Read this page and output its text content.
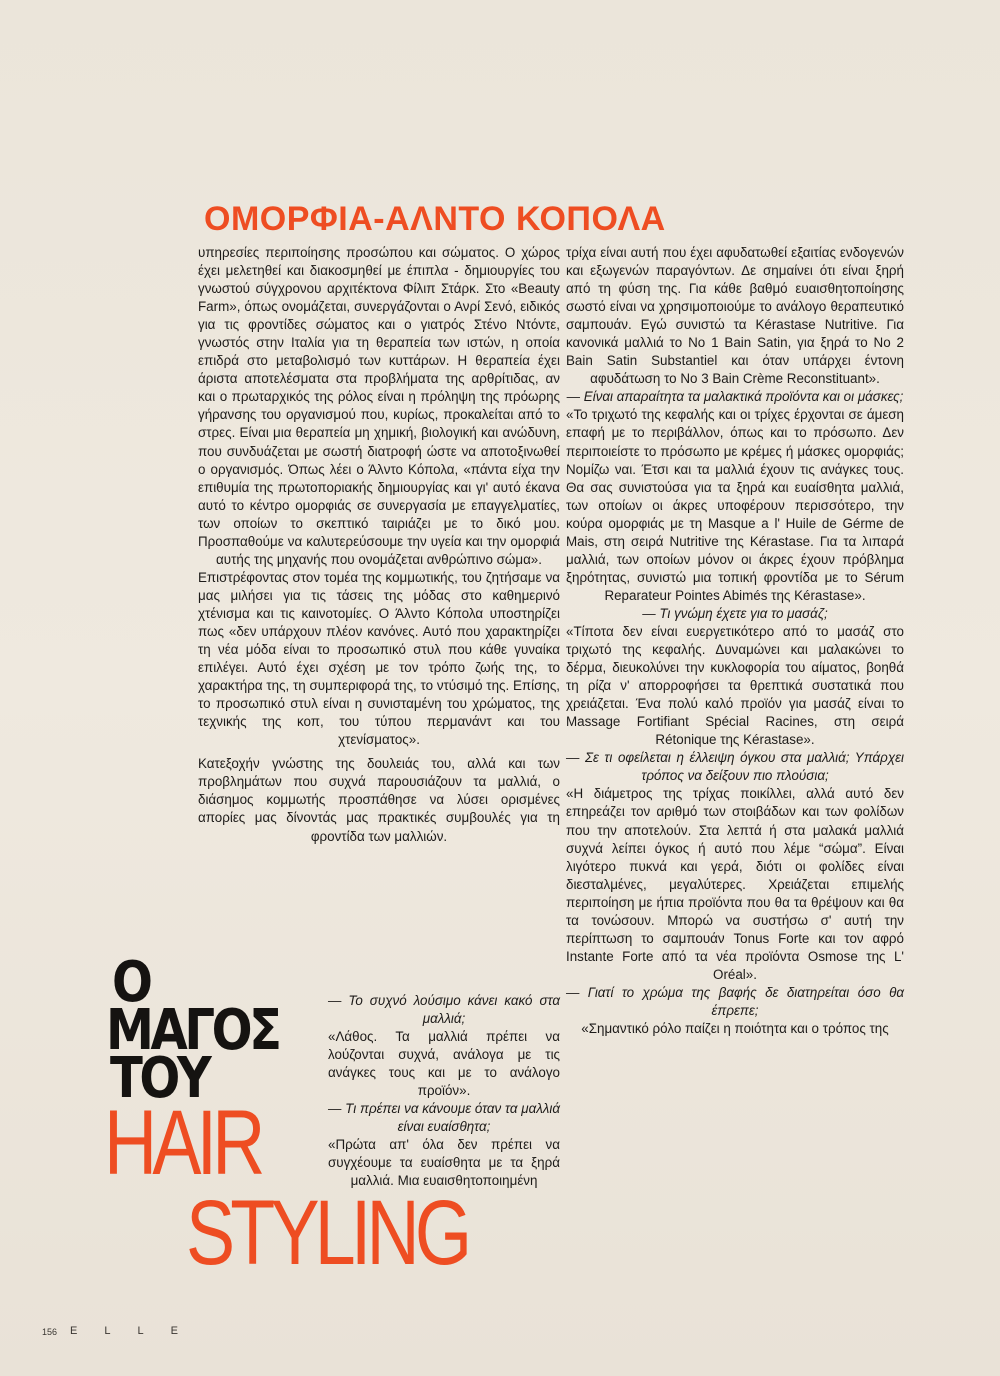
ΟΜΟΡΦΙΑ-ΑΛΝΤΟ ΚΟΠΟΛΑ

υπηρεσίες περιποίησης προσώπου και σώματος. Ο χώρος έχει μελετηθεί και διακοσμηθεί με έπιπλα - δημιουργίες του γνωστού σύγχρονου αρχιτέκτονα Φίλιπ Στάρκ. Στο «Beauty Farm», όπως ονομάζεται, συνεργάζονται ο Ανρί Σενό, ειδικός για τις φροντίδες σώματος και ο γιατρός Στένο Ντόντε, γνωστός στην Ιταλία για τη θεραπεία των ιστών, η οποία επιδρά στο μεταβολισμό των κυττάρων. Η θεραπεία έχει άριστα αποτελέσματα στα προβλήματα της αρθρίτιδας, αν και ο πρωταρχικός της ρόλος είναι η πρόληψη της πρόωρης γήρανσης του οργανισμού που, κυρίως, προκαλείται από το στρες. Είναι μια θεραπεία μη χημική, βιολογική και ανώδυνη, που συνδυάζεται με σωστή διατροφή ώστε να αποτοξινωθεί ο οργανισμός. Όπως λέει ο Άλντο Κόπολα, «πάντα είχα την επιθυμία της πρωτοποριακής δημιουργίας και γι' αυτό έκανα αυτό το κέντρο ομορφιάς σε συνεργασία με επαγγελματίες, των οποίων το σκεπτικό ταιριάζει με το δικό μου. Προσπαθούμε να καλυτερεύσουμε την υγεία και την ομορφιά αυτής της μηχανής που ονομάζεται ανθρώπινο σώμα».

Επιστρέφοντας στον τομέα της κομμωτικής, του ζητήσαμε να μας μιλήσει για τις τάσεις της μόδας στο καθημερινό χτένισμα και τις καινοτομίες. Ο Άλντο Κόπολα υποστηρίζει πως «δεν υπάρχουν πλέον κανόνες. Αυτό που χαρακτηρίζει τη νέα μόδα είναι το προσωπικό στυλ που κάθε γυναίκα επιλέγει. Αυτό έχει σχέση με τον τρόπο ζωής της, το χαρακτήρα της, τη συμπεριφορά της, το ντύσιμό της. Επίσης, το προσωπικό στυλ είναι η συνισταμένη του χρώματος, της τεχνικής της κοπ, του τύπου περμανάντ και του χτενίσματος».

Κατεξοχήν γνώστης της δουλειάς του, αλλά και των προβλημάτων που συχνά παρουσιάζουν τα μαλλιά, ο διάσημος κομμωτής προσπάθησε να λύσει ορισμένες απορίες μας δίνοντάς μας πρακτικές συμβουλές για τη φροντίδα των μαλλιών.

— Το συχνό λούσιμο κάνει κακό στα μαλλιά;

«Λάθος. Τα μαλλιά πρέπει να λούζονται συχνά, ανάλογα με τις ανάγκες τους και με το ανάλογο προϊόν».

— Τι πρέπει να κάνουμε όταν τα μαλλιά είναι ευαίσθητα;

«Πρώτα απ' όλα δεν πρέπει να συγχέουμε τα ευαίσθητα με τα ξηρά μαλλιά. Μια ευαισθητοποιημένη

Ο
ΜΑΓΟΣ
ΤΟΥ
HAIR
STYLING

τρίχα είναι αυτή που έχει αφυδατωθεί εξαιτίας ενδογενών και εξωγενών παραγόντων. Δε σημαίνει ότι είναι ξηρή από τη φύση της. Για κάθε βαθμό ευαισθητοποίησης σωστό είναι να χρησιμοποιούμε το ανάλογο θεραπευτικό σαμπουάν. Εγώ συνιστώ τα Kérastase Nutritive. Για κανονικά μαλλιά το No 1 Bain Satin, για ξηρά το No 2 Bain Satin Substantiel και όταν υπάρχει έντονη αφυδάτωση το No 3 Bain Crème Reconstituant».

— Είναι απαραίτητα τα μαλακτικά προϊόντα και οι μάσκες;

«Το τριχωτό της κεφαλής και οι τρίχες έρχονται σε άμεση επαφή με το περιβάλλον, όπως και το πρόσωπο. Δεν περιποιείστε το πρόσωπο με κρέμες ή μάσκες ομορφιάς; Νομίζω ναι. Έτσι και τα μαλλιά έχουν τις ανάγκες τους. Θα σας συνιστούσα για τα ξηρά και ευαίσθητα μαλλιά, των οποίων οι άκρες υποφέρουν περισσότερο, την κούρα ομορφιάς με τη Masque a l' Huile de Gérme de Mais, στη σειρά Nutritive της Kérastase. Για τα λιπαρά μαλλιά, των οποίων μόνον οι άκρες έχουν πρόβλημα ξηρότητας, συνιστώ μια τοπική φροντίδα με το Sérum Reparateur Pointes Abimés της Kérastase».

— Τι γνώμη έχετε για το μασάζ;

«Τίποτα δεν είναι ευεργετικότερο από το μασάζ στο τριχωτό της κεφαλής. Δυναμώνει και μαλακώνει το δέρμα, διευκολύνει την κυκλοφορία του αίματος, βοηθά τη ρίζα ν' απορροφήσει τα θρεπτικά συστατικά που χρειάζεται. Ένα πολύ καλό προϊόν για μασάζ είναι το Massage Fortifiant Spécial Racines, στη σειρά Rétonique της Kérastase».

— Σε τι οφείλεται η έλλειψη όγκου στα μαλλιά; Υπάρχει τρόπος να δείξουν πιο πλούσια;

«Η διάμετρος της τρίχας ποικίλλει, αλλά αυτό δεν επηρεάζει τον αριθμό των στοιβάδων και των φολίδων που την αποτελούν. Στα λεπτά ή στα μαλακά μαλλιά συχνά λείπει όγκος ή αυτό που λέμε “σώμα”. Είναι λιγότερο πυκνά και γερά, διότι οι φολίδες είναι διεσταλμένες, μεγαλύτερες. Χρειάζεται επιμελής περιποίηση με ήπια προϊόντα που θα τα θρέψουν και θα τα τονώσουν. Μπορώ να συστήσω σ' αυτή την περίπτωση το σαμπουάν Tonus Forte και τον αφρό Instante Forte από τα νέα προϊόντα Osmose της L' Oréal».

— Γιατί το χρώμα της βαφής δε διατηρείται όσο θα έπρεπε;

«Σημαντικό ρόλο παίζει η ποιότητα και ο τρόπος της

156 ELLE
